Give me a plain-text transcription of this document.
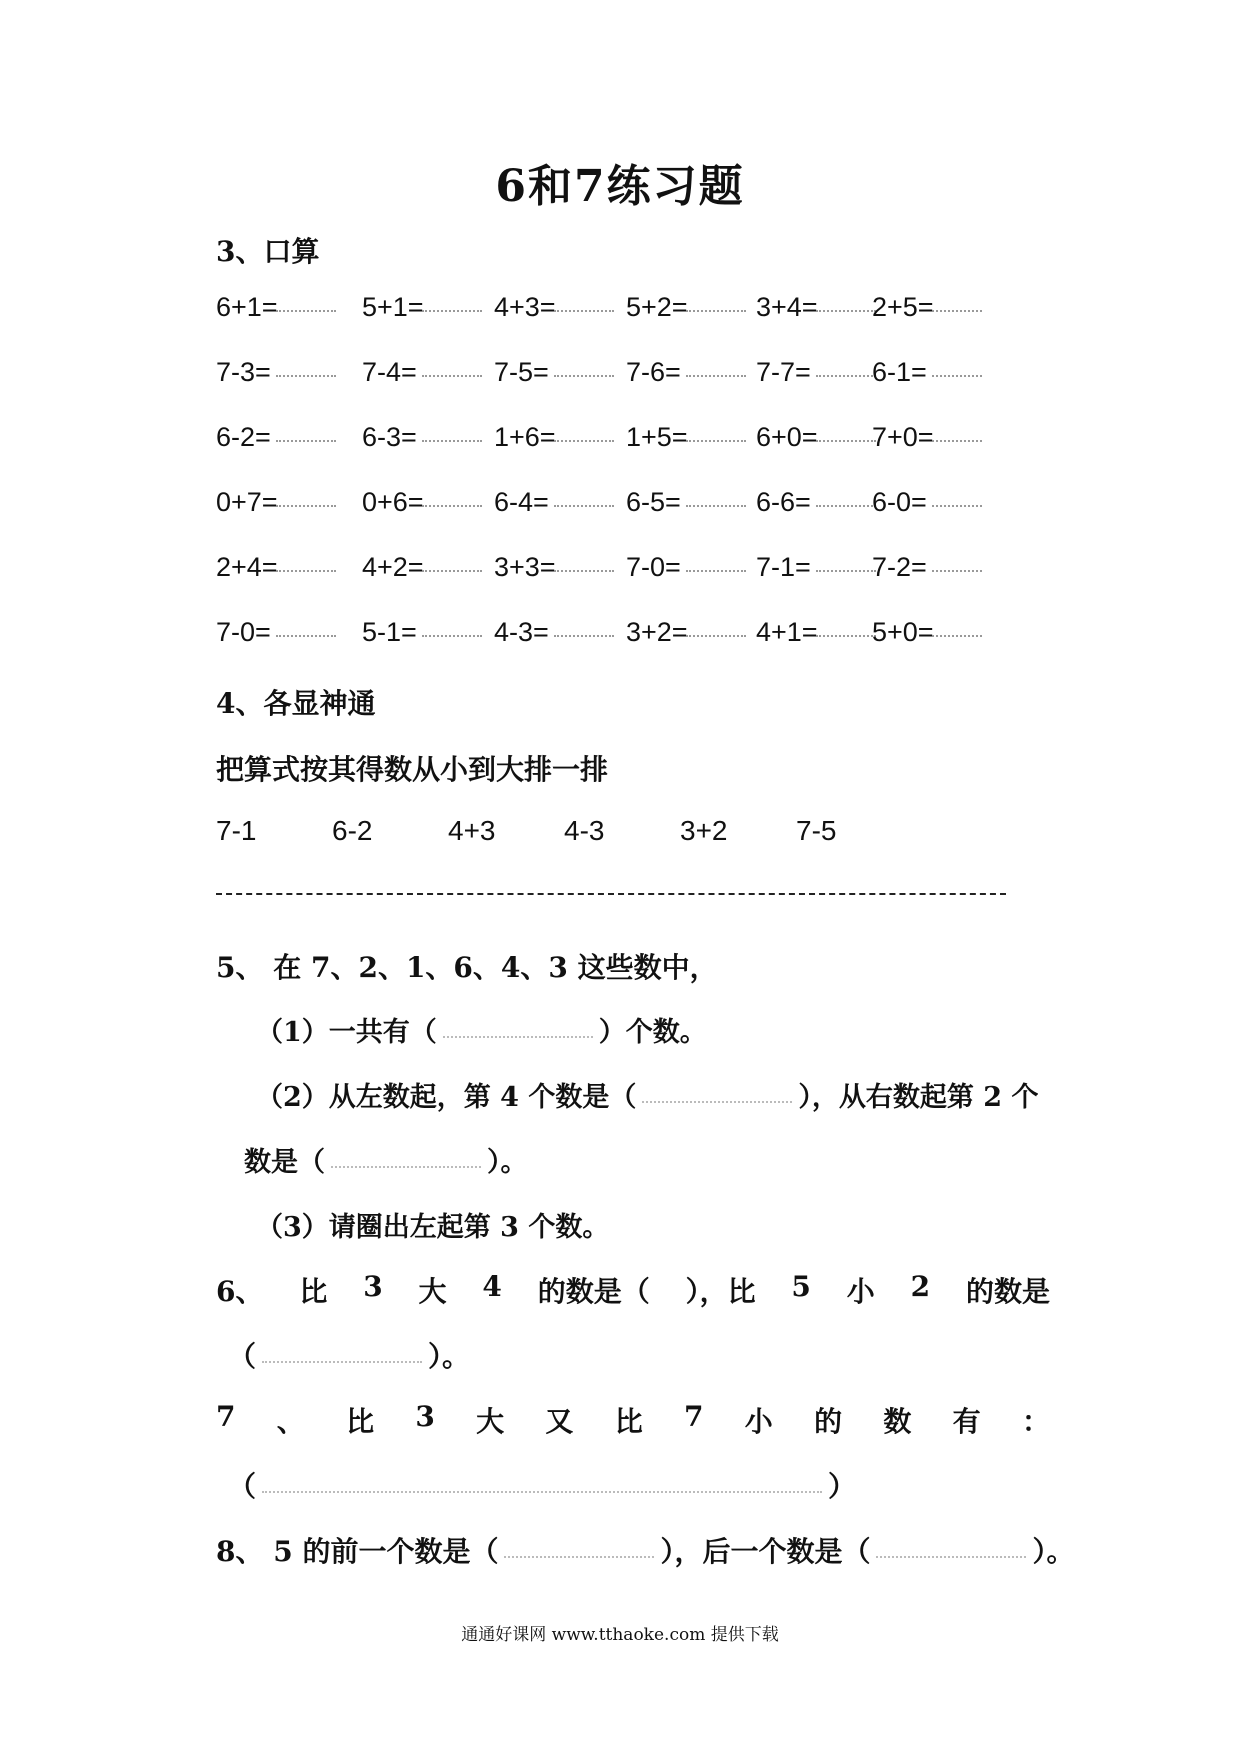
6和7练习题
3、口算
6+1=	5+1=	4+3=	5+2=	3+4= 2+5=
7-3=	7-4=	7-5=	7-6=	7-7= 6-1=
6-2=	6-3=	1+6=	1+5=	6+0= 7+0=
0+7=	0+6=	6-4=	6-5=	6-6= 6-0=
2+4=	4+2=	3+3=	7-0=	7-1= 7-2=
7-0=	5-1=	4-3=	3+2=	4+1= 5+0=
4、各显神通
把算式按其得数从小到大排一排
7-1	6-2	4+3 4-3	3+2 7-5
5、 在 7、2、1、6、4、3 这些数中，
（1）一共有（	）个数。
（2）从左数起，第 4 个数是（	），从右数起第 2 个
数是（	）。
（3）请圈出左起第 3 个数。
6、 比 3 大 4 的数是（ ），比 5 小 2 的数是
（	）。
7 、 比 3 大 又 比 7 小 的 数 有 ：
（	）
8、 5 的前一个数是（	），后一个数是（	）。
通通好课网 www.tthaoke.com 提供下载
